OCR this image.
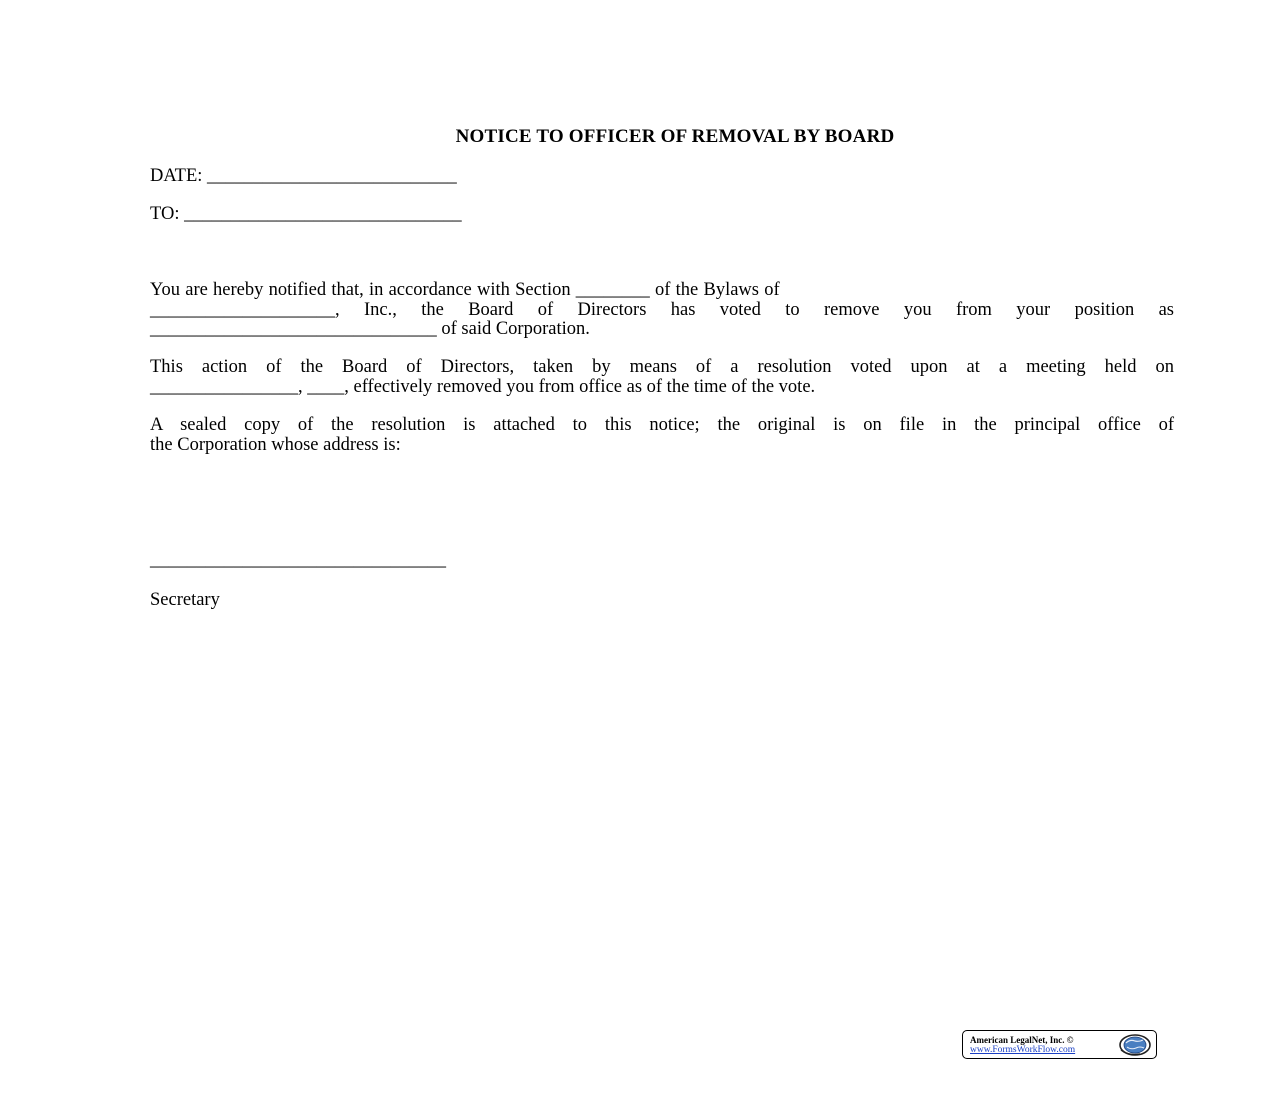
NOTICE TO OFFICER OF REMOVAL BY BOARD
DATE: ___________________________
TO: ______________________________
You are hereby notified that, in accordance with Section ________ of the Bylaws of
____________________, Inc., the Board of Directors has voted to remove you from your position as
_______________________________ of said Corporation.
This action of the Board of Directors, taken by means of a resolution voted upon at a meeting held on
________________, ____, effectively removed you from office as of the time of the vote.
A sealed copy of the resolution is attached to this notice; the original is on file in the principal office of
the Corporation whose address is:
________________________________
Secretary
American LegalNet, Inc. ©
www.FormsWorkFlow.com
